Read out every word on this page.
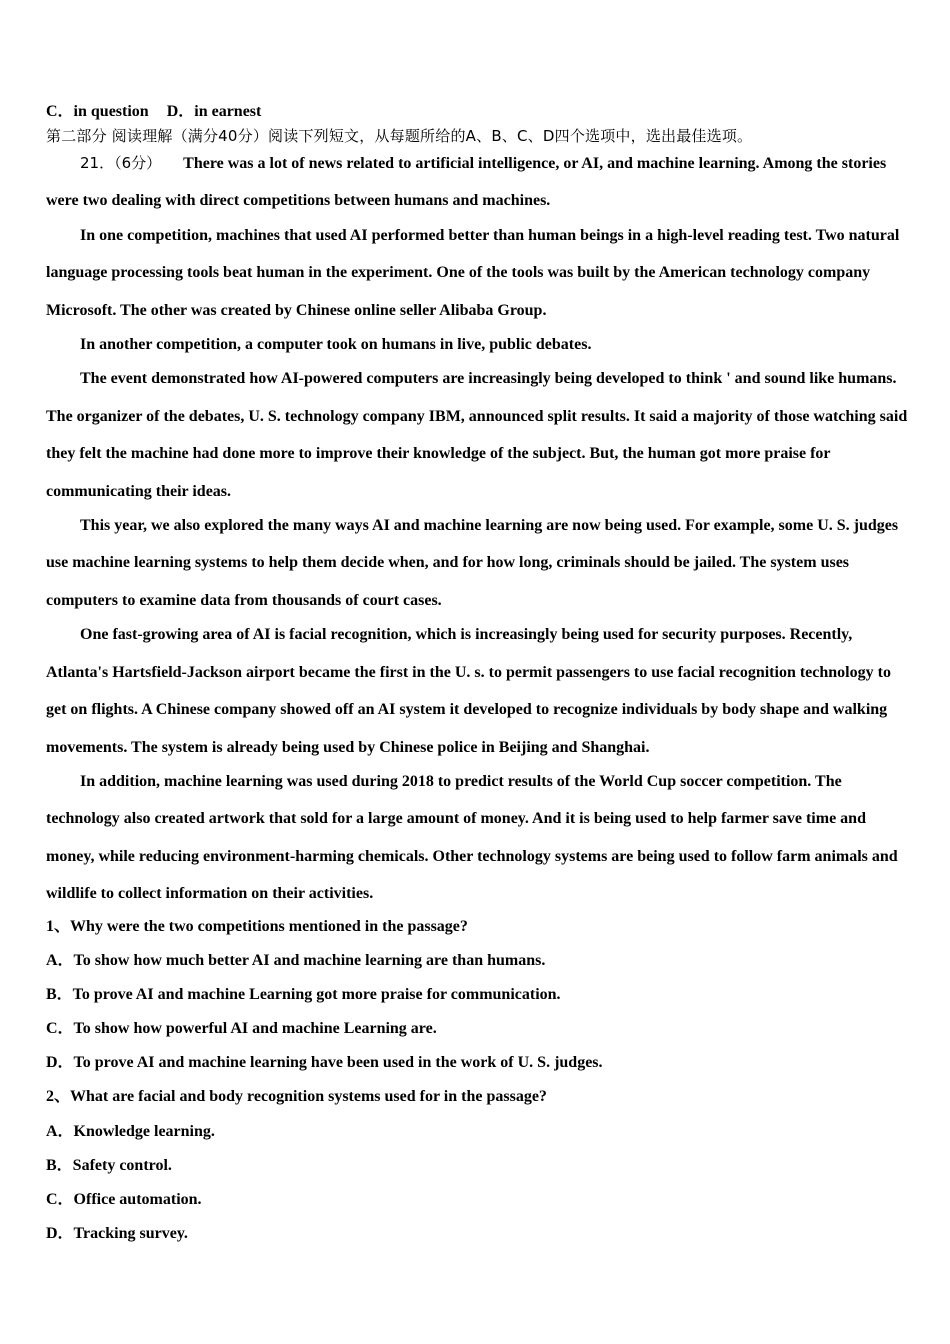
C．in question D．in earnest

第二部分 阅读理解（满分40分）阅读下列短文，从每题所给的A、B、C、D四个选项中，选出最佳选项。

21．（6分） There was a lot of news related to artificial intelligence, or AI, and machine learning. Among the stories were two dealing with direct competitions between humans and machines.

In one competition, machines that used AI performed better than human beings in a high-level reading test. Two natural language processing tools beat human in the experiment. One of the tools was built by the American technology company Microsoft. The other was created by Chinese online seller Alibaba Group.

In another competition, a computer took on humans in live, public debates.

The event demonstrated how AI-powered computers are increasingly being developed to think ' and sound like humans. The organizer of the debates, U. S. technology company IBM, announced split results. It said a majority of those watching said they felt the machine had done more to improve their knowledge of the subject. But, the human got more praise for communicating their ideas.

This year, we also explored the many ways AI and machine learning are now being used. For example, some U. S. judges use machine learning systems to help them decide when, and for how long, criminals should be jailed. The system uses computers to examine data from thousands of court cases.

One fast-growing area of AI is facial recognition, which is increasingly being used for security purposes. Recently, Atlanta's Hartsfield-Jackson airport became the first in the U. s. to permit passengers to use facial recognition technology to get on flights. A Chinese company showed off an AI system it developed to recognize individuals by body shape and walking movements. The system is already being used by Chinese police in Beijing and Shanghai.

In addition, machine learning was used during 2018 to predict results of the World Cup soccer competition. The technology also created artwork that sold for a large amount of money. And it is being used to help farmer save time and money, while reducing environment-harming chemicals. Other technology systems are being used to follow farm animals and wildlife to collect information on their activities.

1、Why were the two competitions mentioned in the passage?

A．To show how much better AI and machine learning are than humans.

B．To prove AI and machine Learning got more praise for communication.

C．To show how powerful AI and machine Learning are.

D．To prove AI and machine learning have been used in the work of U. S. judges.

2、What are facial and body recognition systems used for in the passage?

A．Knowledge learning.

B．Safety control.

C．Office automation.

D．Tracking survey.
